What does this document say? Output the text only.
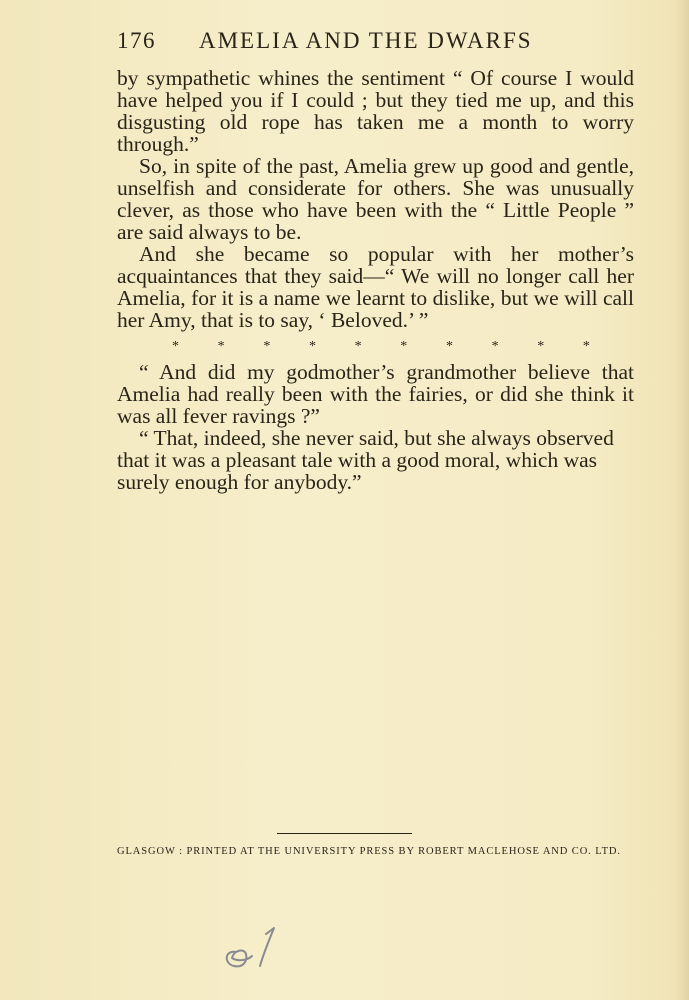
176 AMELIA AND THE DWARFS

by sympathetic whines the sentiment “ Of course I would have helped you if I could ; but they tied me up, and this disgusting old rope has taken me a month to worry through.”

So, in spite of the past, Amelia grew up good and gentle, unselfish and considerate for others. She was unusually clever, as those who have been with the “ Little People ” are said always to be.

And she became so popular with her mother’s acquaintances that they said—“ We will no longer call her Amelia, for it is a name we learnt to dislike, but we will call her Amy, that is to say, ‘ Beloved.’ ”

*	*	*	*	*	*	*	*	*	*

“ And did my godmother’s grandmother believe that Amelia had really been with the fairies, or did she think it was all fever ravings ?”

“ That, indeed, she never said, but she always observed that it was a pleasant tale with a good moral, which was surely enough for anybody.”

GLASGOW : PRINTED AT THE UNIVERSITY PRESS BY ROBERT MACLEHOSE AND CO. LTD.
